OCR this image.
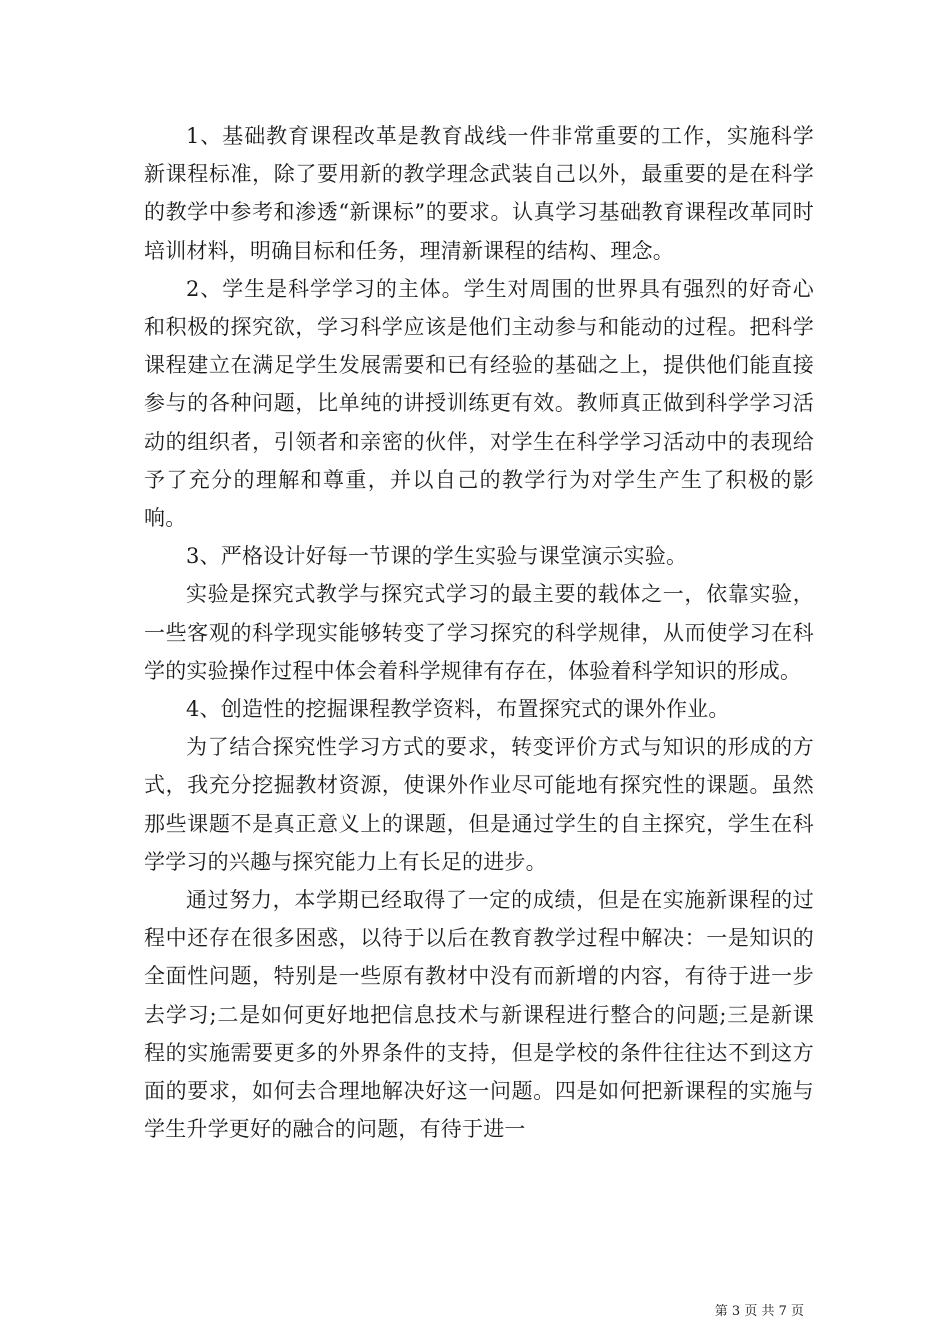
1、基础教育课程改革是教育战线一件非常重要的工作，实施科学新课程标准，除了要用新的教学理念武装自己以外，最重要的是在科学的教学中参考和渗透“新课标”的要求。认真学习基础教育课程改革同时培训材料，明确目标和任务，理清新课程的结构、理念。

2、学生是科学学习的主体。学生对周围的世界具有强烈的好奇心和积极的探究欲，学习科学应该是他们主动参与和能动的过程。把科学课程建立在满足学生发展需要和已有经验的基础之上，提供他们能直接参与的各种问题，比单纯的讲授训练更有效。教师真正做到科学学习活动的组织者，引领者和亲密的伙伴，对学生在科学学习活动中的表现给予了充分的理解和尊重，并以自己的教学行为对学生产生了积极的影响。

3、严格设计好每一节课的学生实验与课堂演示实验。

实验是探究式教学与探究式学习的最主要的载体之一，依靠实验，一些客观的科学现实能够转变了学习探究的科学规律，从而使学习在科学的实验操作过程中体会着科学规律有存在，体验着科学知识的形成。

4、创造性的挖掘课程教学资料，布置探究式的课外作业。

为了结合探究性学习方式的要求，转变评价方式与知识的形成的方式，我充分挖掘教材资源，使课外作业尽可能地有探究性的课题。虽然那些课题不是真正意义上的课题，但是通过学生的自主探究，学生在科学学习的兴趣与探究能力上有长足的进步。

通过努力，本学期已经取得了一定的成绩，但是在实施新课程的过程中还存在很多困惑，以待于以后在教育教学过程中解决：一是知识的全面性问题，特别是一些原有教材中没有而新增的内容，有待于进一步去学习;二是如何更好地把信息技术与新课程进行整合的问题;三是新课程的实施需要更多的外界条件的支持，但是学校的条件往往达不到这方面的要求，如何去合理地解决好这一问题。四是如何把新课程的实施与学生升学更好的融合的问题，有待于进一

第 3 页 共 7 页
